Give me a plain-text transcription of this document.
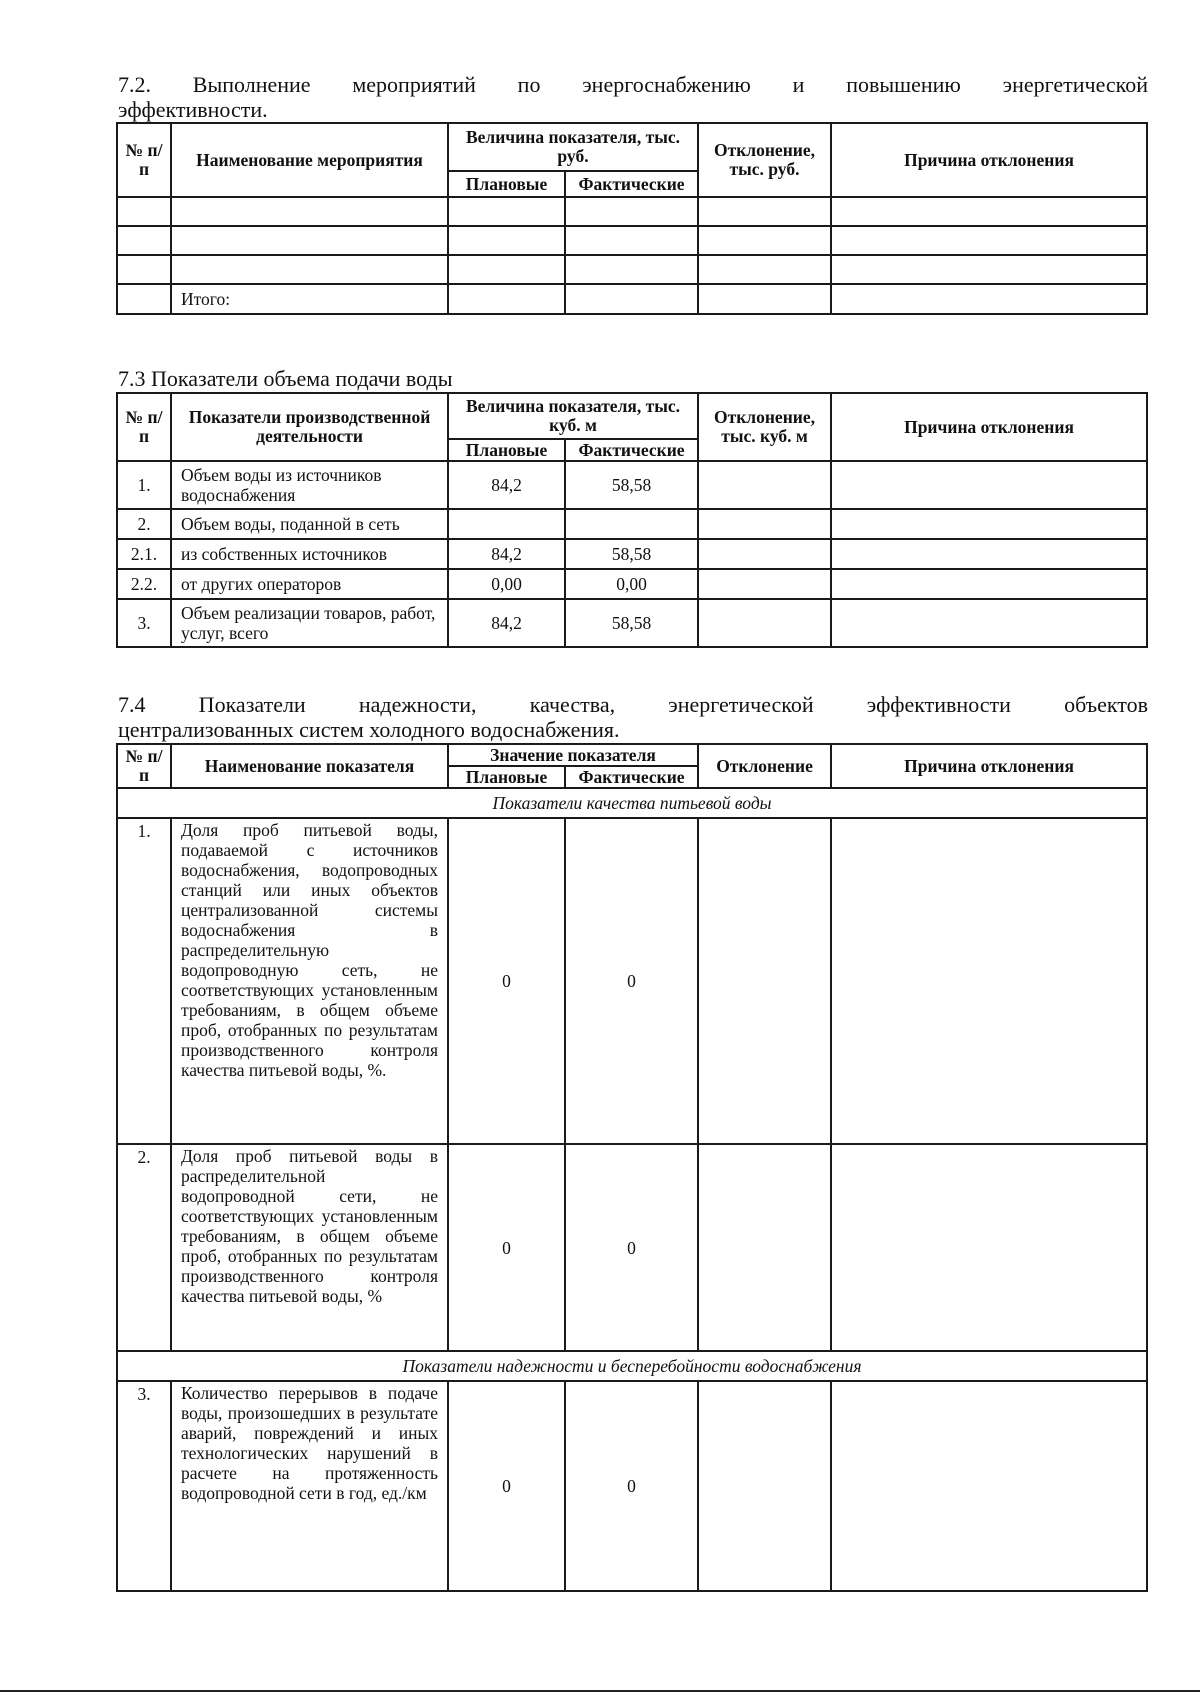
7.2. Выполнение мероприятий по энергоснабжению и повышению энергетической

эффективности.

№ п/п	Наименование мероприятия	Величина показателя, тыс. руб.		Отклонение, тыс. руб.	Причина отклонения
		Плановые	Фактические		

	Итого:				

7.3 Показатели объема подачи воды

№ п/п	Показатели производственной деятельности	Величина показателя, тыс. куб. м		Отклонение, тыс. куб. м	Причина отклонения
		Плановые	Фактические		
1.	Объем воды из источников водоснабжения	84,2	58,58		
2.	Объем воды, поданной в сеть				
2.1.	из собственных источников	84,2	58,58		
2.2.	от других операторов	0,00	0,00		
3.	Объем реализации товаров, работ, услуг, всего	84,2	58,58		

7.4 Показатели надежности, качества, энергетической эффективности объектов

централизованных систем холодного водоснабжения.

№ п/п	Наименование показателя	Значение показателя		Отклонение	Причина отклонения
		Плановые	Фактические		
Показатели качества питьевой воды					
1.	Доля проб питьевой воды, подаваемой с источников водоснабжения, водопроводных станций или иных объектов централизованной системы водоснабжения в распределительную водопроводную сеть, не соответствующих установленным требованиям, в общем объеме проб, отобранных по результатам производственного контроля качества питьевой воды, %.	0	0		
2.	Доля проб питьевой воды в распределительной водопроводной сети, не соответствующих установленным требованиям, в общем объеме проб, отобранных по результатам производственного контроля качества питьевой воды, %	0	0		
Показатели надежности и бесперебойности водоснабжения					
3.	Количество перерывов в подаче воды, произошедших в результате аварий, повреждений и иных технологических нарушений в расчете на протяженность водопроводной сети в год, ед./км	0	0		
